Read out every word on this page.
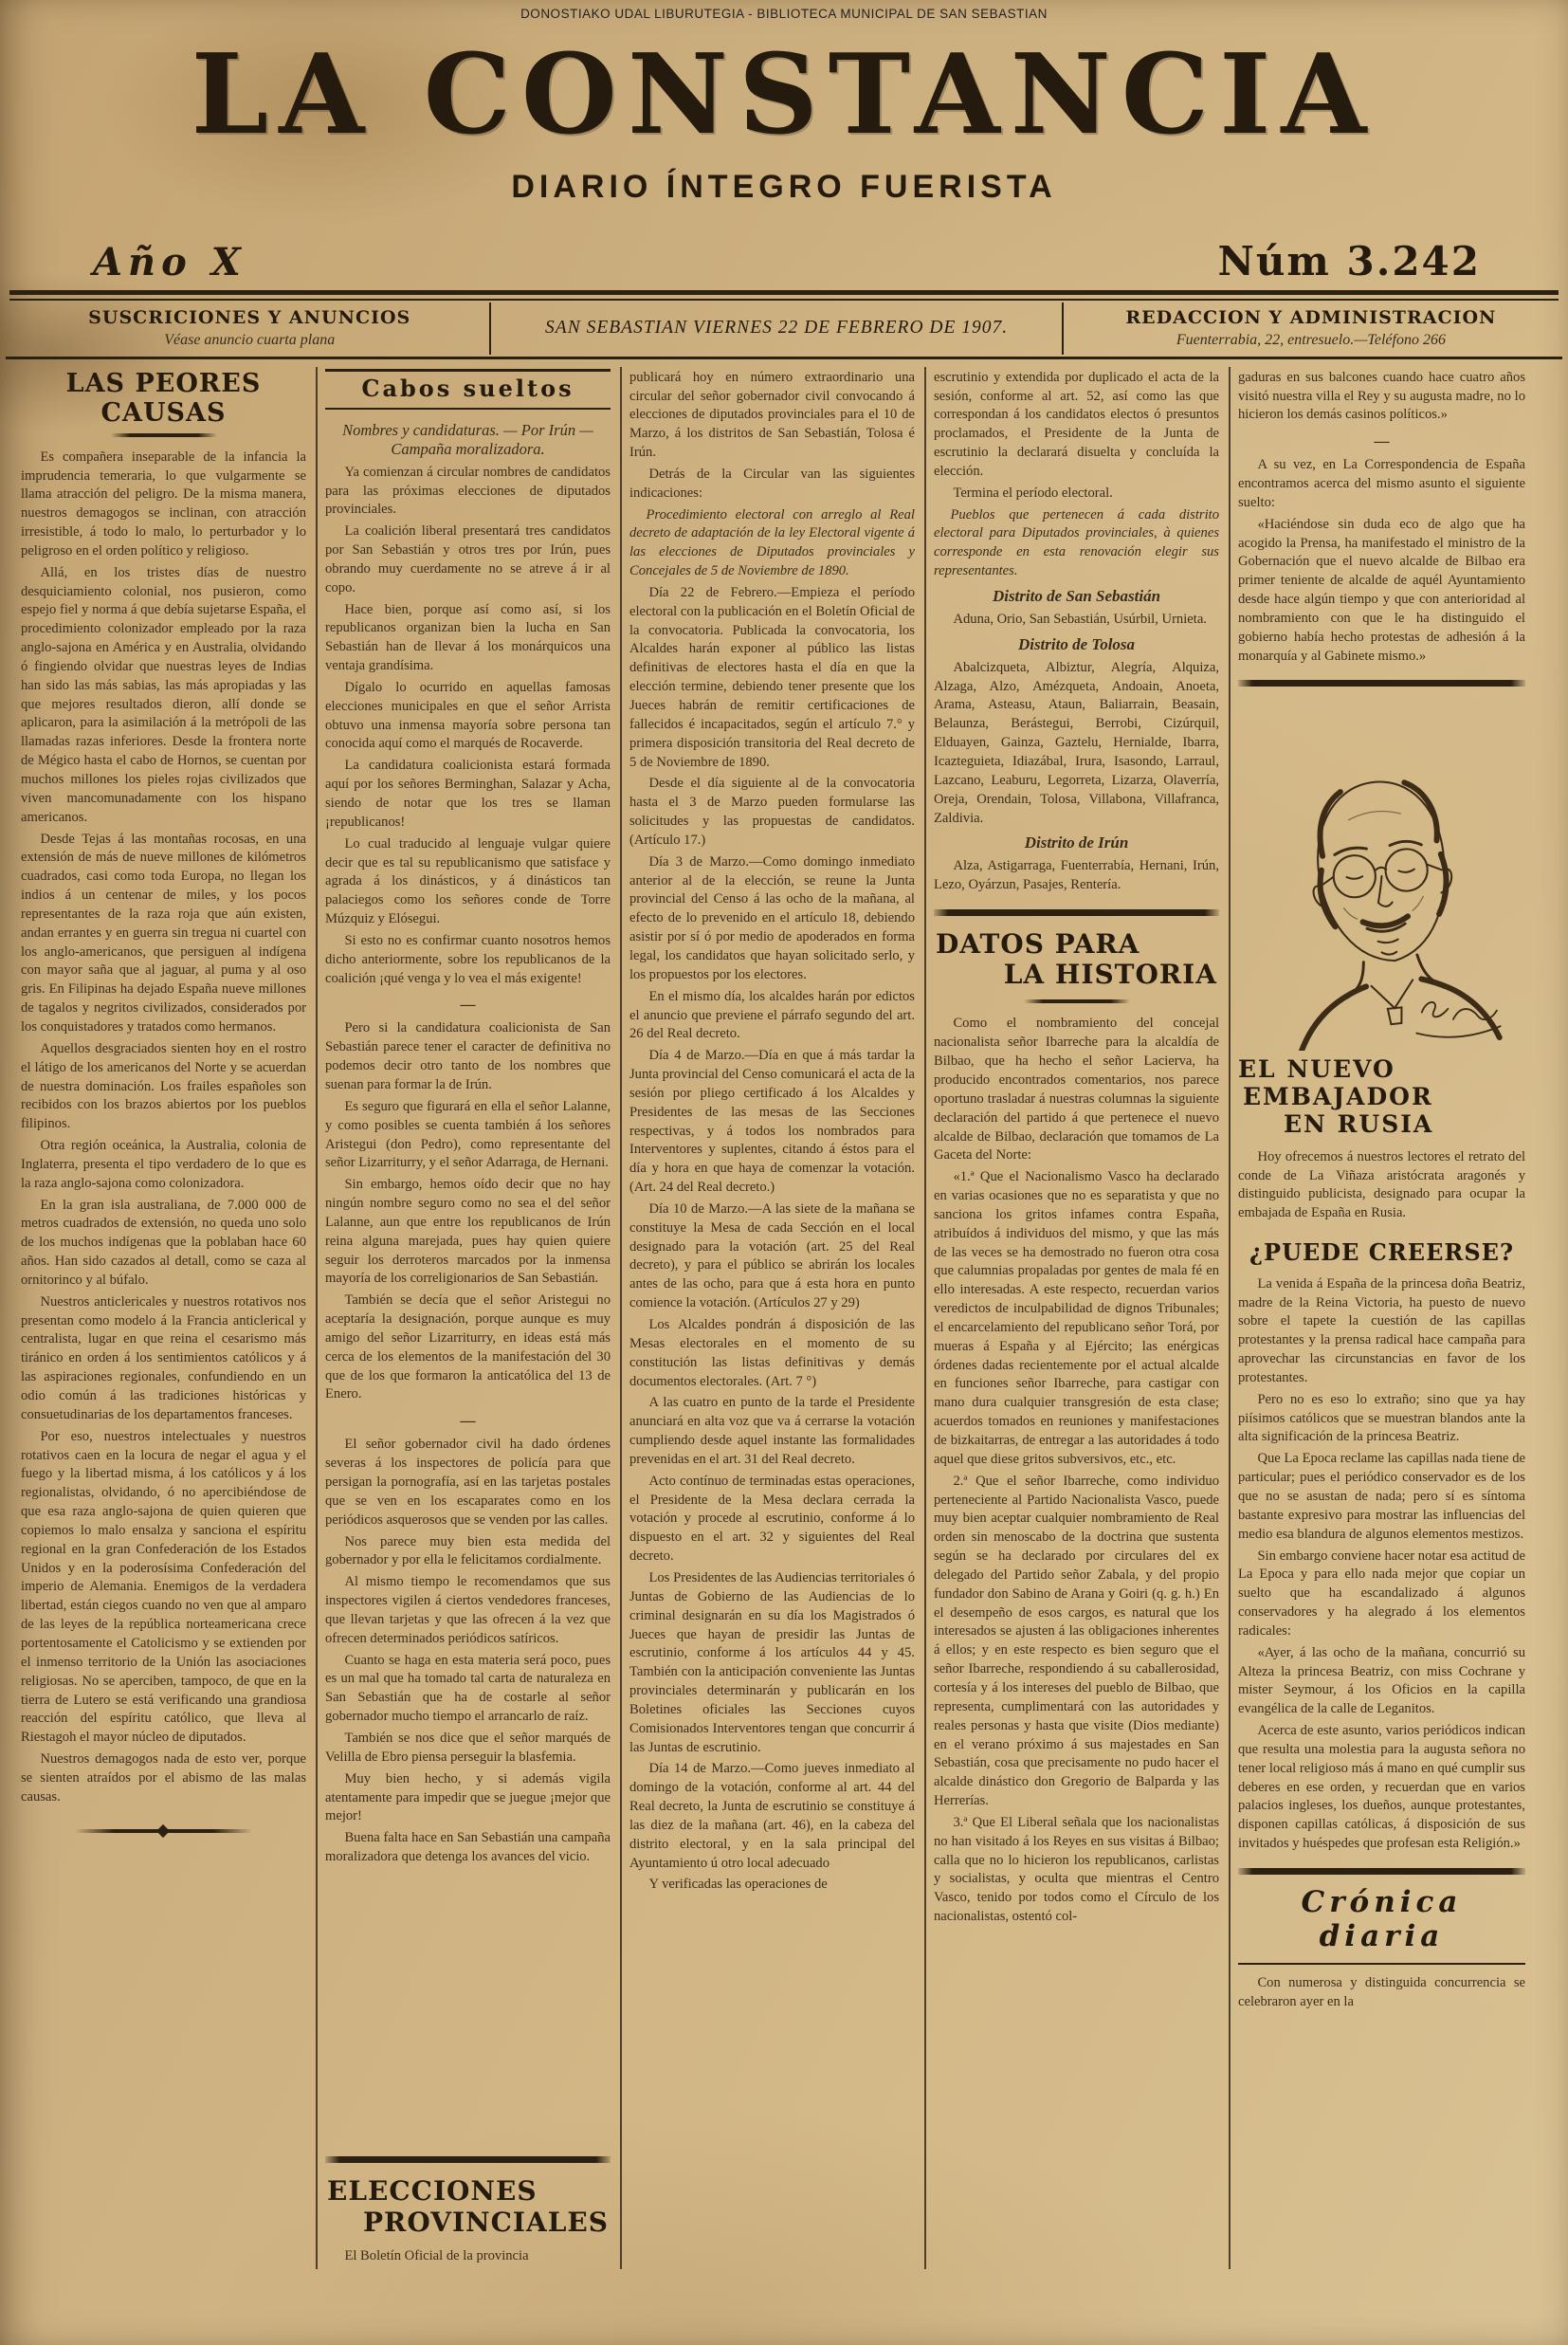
DONOSTIAKO UDAL LIBURUTEGIA - BIBLIOTECA MUNICIPAL DE SAN SEBASTIAN
LA CONSTANCIA
DIARIO ÍNTEGRO FUERISTA
Año X	Núm 3.242
SUSCRICIONES Y ANUNCIOS
Véase anuncio cuarta plana
SAN SEBASTIAN VIERNES 22 DE FEBRERO DE 1907.	REDACCION Y ADMINISTRACION
Fuenterrabia, 22, entresuelo.—Teléfono 266
LAS PEORES CAUSAS
Es compañera inseparable de la infancia la imprudencia temeraria, lo que vulgarmente se llama atracción del peligro. De la misma manera, nuestros demagogos se inclinan, con atracción irresistible, á todo lo malo, lo perturbador y lo peligroso en el orden político y religioso.
Allá, en los tristes días de nuestro desquiciamiento colonial, nos pusieron, como espejo fiel y norma á que debía sujetarse España, el procedimiento colonizador empleado por la raza anglo-sajona en América y en Australia, olvidando ó fingiendo olvidar que nuestras leyes de Indias han sido las más sabias, las más apropiadas y las que mejores resultados dieron, allí donde se aplicaron, para la asimilación á la metrópoli de las llamadas razas inferiores. Desde la frontera norte de Mégico hasta el cabo de Hornos, se cuentan por muchos millones los pieles rojas civilizados que viven mancomunadamente con los hispano americanos.
Desde Tejas á las montañas rocosas, en una extensión de más de nueve millones de kilómetros cuadrados, casi como toda Europa, no llegan los indios á un centenar de miles, y los pocos representantes de la raza roja que aún existen, andan errantes y en guerra sin tregua ni cuartel con los anglo-americanos, que persiguen al indígena con mayor saña que al jaguar, al puma y al oso gris. En Filipinas ha dejado España nueve millones de tagalos y negritos civilizados, considerados por los conquistadores y tratados como hermanos.
Aquellos desgraciados sienten hoy en el rostro el látigo de los americanos del Norte y se acuerdan de nuestra dominación. Los frailes españoles son recibidos con los brazos abiertos por los pueblos filipinos.
Otra región oceánica, la Australia, colonia de Inglaterra, presenta el tipo verdadero de lo que es la raza anglo-sajona como colonizadora.
En la gran isla australiana, de 7.000 000 de metros cuadrados de extensión, no queda uno solo de los muchos indígenas que la poblaban hace 60 años. Han sido cazados al detall, como se caza al ornitorinco y al búfalo.
Nuestros anticlericales y nuestros rotativos nos presentan como modelo á la Francia anticlerical y centralista, lugar en que reina el cesarismo más tiránico en orden á los sentimientos católicos y á las aspiraciones regionales, confundiendo en un odio común á las tradiciones históricas y consuetudinarias de los departamentos franceses.
Por eso, nuestros intelectuales y nuestros rotativos caen en la locura de negar el agua y el fuego y la libertad misma, á los católicos y á los regionalistas, olvidando, ó no apercibiéndose de que esa raza anglo-sajona de quien quieren que copiemos lo malo ensalza y sanciona el espíritu regional en la gran Confederación de los Estados Unidos y en la poderosísima Confederación del imperio de Alemania. Enemigos de la verdadera libertad, están ciegos cuando no ven que al amparo de las leyes de la república norteamericana crece portentosamente el Catolicismo y se extienden por el inmenso territorio de la Unión las asociaciones religiosas. No se aperciben, tampoco, de que en la tierra de Lutero se está verificando una grandiosa reacción del espíritu católico, que lleva al Riestagoh el mayor núcleo de diputados.
Nuestros demagogos nada de esto ver, porque se sienten atraídos por el abismo de las malas causas.
Cabos sueltos
Nombres y candidaturas. — Por Irún —Campaña moralizadora.
Ya comienzan á circular nombres de candidatos para las próximas elecciones de diputados provinciales.
La coalición liberal presentará tres candidatos por San Sebastián y otros tres por Irún, pues obrando muy cuerdamente no se atreve á ir al copo.
Hace bien, porque así como así, si los republicanos organizan bien la lucha en San Sebastián han de llevar á los monárquicos una ventaja grandísima.
Dígalo lo ocurrido en aquellas famosas elecciones municipales en que el señor Arrista obtuvo una inmensa mayoría sobre persona tan conocida aquí como el marqués de Rocaverde.
La candidatura coalicionista estará formada aquí por los señores Berminghan, Salazar y Acha, siendo de notar que los tres se llaman ¡republicanos!
Lo cual traducido al lenguaje vulgar quiere decir que es tal su republicanismo que satisface y agrada á los dinásticos, y á dinásticos tan palaciegos como los señores conde de Torre Múzquiz y Elósegui.
Si esto no es confirmar cuanto nosotros hemos dicho anteriormente, sobre los republicanos de la coalición ¡qué venga y lo vea el más exigente!
—
Pero si la candidatura coalicionista de San Sebastián parece tener el caracter de definitiva no podemos decir otro tanto de los nombres que suenan para formar la de Irún.
Es seguro que figurará en ella el señor Lalanne, y como posibles se cuenta también á los señores Aristegui (don Pedro), como representante del señor Lizarriturry, y el señor Adarraga, de Hernani.
Sin embargo, hemos oído decir que no hay ningún nombre seguro como no sea el del señor Lalanne, aun que entre los republicanos de Irún reina alguna marejada, pues hay quien quiere seguir los derroteros marcados por la inmensa mayoría de los correligionarios de San Sebastián.
También se decía que el señor Aristegui no aceptaría la designación, porque aunque es muy amigo del señor Lizarriturry, en ideas está más cerca de los elementos de la manifestación del 30 que de los que formaron la anticatólica del 13 de Enero.
—
El señor gobernador civil ha dado órdenes severas á los inspectores de policía para que persigan la pornografía, así en las tarjetas postales que se ven en los escaparates como en los periódicos asquerosos que se venden por las calles.
Nos parece muy bien esta medida del gobernador y por ella le felicitamos cordialmente.
Al mismo tiempo le recomendamos que sus inspectores vigilen á ciertos vendedores franceses, que llevan tarjetas y que las ofrecen á la vez que ofrecen determinados periódicos satíricos.
Cuanto se haga en esta materia será poco, pues es un mal que ha tomado tal carta de naturaleza en San Sebastián que ha de costarle al señor gobernador mucho tiempo el arrancarlo de raíz.
También se nos dice que el señor marqués de Velilla de Ebro piensa perseguir la blasfemia.
Muy bien hecho, y si además vigila atentamente para impedir que se juegue ¡mejor que mejor!
Buena falta hace en San Sebastián una campaña moralizadora que detenga los avances del vicio.
ELECCIONES
PROVINCIALES
El Boletín Oficial de la provincia
publicará hoy en número extraordinario una circular del señor gobernador civil convocando á elecciones de diputados provinciales para el 10 de Marzo, á los distritos de San Sebastián, Tolosa é Irún.
Detrás de la Circular van las siguientes indicaciones:
Procedimiento electoral con arreglo al Real decreto de adaptación de la ley Electoral vigente á las elecciones de Diputados provinciales y Concejales de 5 de Noviembre de 1890.
Día 22 de Febrero.—Empieza el período electoral con la publicación en el Boletín Oficial de la convocatoria. Publicada la convocatoria, los Alcaldes harán exponer al público las listas definitivas de electores hasta el día en que la elección termine, debiendo tener presente que los Jueces habrán de remitir certificaciones de fallecidos é incapacitados, según el artículo 7.° y primera disposición transitoria del Real decreto de 5 de Noviembre de 1890.
Desde el día siguiente al de la convocatoria hasta el 3 de Marzo pueden formularse las solicitudes y las propuestas de candidatos. (Artículo 17.)
Día 3 de Marzo.—Como domingo inmediato anterior al de la elección, se reune la Junta provincial del Censo á las ocho de la mañana, al efecto de lo prevenido en el artículo 18, debiendo asistir por sí ó por medio de apoderados en forma legal, los candidatos que hayan solicitado serlo, y los propuestos por los electores.
En el mismo día, los alcaldes harán por edictos el anuncio que previene el párrafo segundo del art. 26 del Real decreto.
Día 4 de Marzo.—Día en que á más tardar la Junta provincial del Censo comunicará el acta de la sesión por pliego certificado á los Alcaldes y Presidentes de las mesas de las Secciones respectivas, y á todos los nombrados para Interventores y suplentes, citando á éstos para el día y hora en que haya de comenzar la votación. (Art. 24 del Real decreto.)
Día 10 de Marzo.—A las siete de la mañana se constituye la Mesa de cada Sección en el local designado para la votación (art. 25 del Real decreto), y para el público se abrirán los locales antes de las ocho, para que á esta hora en punto comience la votación. (Artículos 27 y 29)
Los Alcaldes pondrán á disposición de las Mesas electorales en el momento de su constitución las listas definitivas y demás documentos electorales. (Art. 7 °)
A las cuatro en punto de la tarde el Presidente anunciará en alta voz que va á cerrarse la votación cumpliendo desde aquel instante las formalidades prevenidas en el art. 31 del Real decreto.
Acto contínuo de terminadas estas operaciones, el Presidente de la Mesa declara cerrada la votación y procede al escrutinio, conforme á lo dispuesto en el art. 32 y siguientes del Real decreto.
Los Presidentes de las Audiencias territoriales ó Juntas de Gobierno de las Audiencias de lo criminal designarán en su día los Magistrados ó Jueces que hayan de presidir las Juntas de escrutinio, conforme á los artículos 44 y 45. También con la anticipación conveniente las Juntas provinciales determinarán y publicarán en los Boletines oficiales las Secciones cuyos Comisionados Interventores tengan que concurrir á las Juntas de escrutinio.
Día 14 de Marzo.—Como jueves inmediato al domingo de la votación, conforme al art. 44 del Real decreto, la Junta de escrutinio se constituye á las diez de la mañana (art. 46), en la cabeza del distrito electoral, y en la sala principal del Ayuntamiento ú otro local adecuado
Y verificadas las operaciones de
escrutinio y extendida por duplicado el acta de la sesión, conforme al art. 52, así como las que correspondan á los candidatos electos ó presuntos proclamados, el Presidente de la Junta de escrutinio la declarará disuelta y concluída la elección.
Termina el período electoral.
Pueblos que pertenecen á cada distrito electoral para Diputados provinciales, à quienes corresponde en esta renovación elegir sus representantes.
Distrito de San Sebastián
Aduna, Orio, San Sebastián, Usúrbil, Urnieta.
Distrito de Tolosa
Abalcizqueta, Albiztur, Alegría, Alquiza, Alzaga, Alzo, Amézqueta, Andoain, Anoeta, Arama, Asteasu, Ataun, Baliarrain, Beasain, Belaunza, Berástegui, Berrobi, Cizúrquil, Elduayen, Gainza, Gaztelu, Hernialde, Ibarra, Icazteguieta, Idiazábal, Irura, Isasondo, Larraul, Lazcano, Leaburu, Legorreta, Lizarza, Olaverría, Oreja, Orendain, Tolosa, Villabona, Villafranca, Zaldivia.
Distrito de Irún
Alza, Astigarraga, Fuenterrabía, Hernani, Irún, Lezo, Oyárzun, Pasajes, Rentería.
DATOS PARA
LA HISTORIA
Como el nombramiento del concejal nacionalista señor Ibarreche para la alcaldía de Bilbao, que ha hecho el señor Lacierva, ha producido encontrados comentarios, nos parece oportuno trasladar á nuestras columnas la siguiente declaración del partido á que pertenece el nuevo alcalde de Bilbao, declaración que tomamos de La Gaceta del Norte:
«1.ª Que el Nacionalismo Vasco ha declarado en varias ocasiones que no es separatista y que no sanciona los gritos infames contra España, atribuídos á individuos del mismo, y que las más de las veces se ha demostrado no fueron otra cosa que calumnias propaladas por gentes de mala fé en ello interesadas. A este respecto, recuerdan varios veredictos de inculpabilidad de dignos Tribunales; el encarcelamiento del republicano señor Torá, por mueras á España y al Ejército; las enérgicas órdenes dadas recientemente por el actual alcalde en funciones señor Ibarreche, para castigar con mano dura cualquier transgresión de esta clase; acuerdos tomados en reuniones y manifestaciones de bizkaitarras, de entregar a las autoridades á todo aquel que diese gritos subversivos, etc., etc.
2.ª Que el señor Ibarreche, como individuo perteneciente al Partido Nacionalista Vasco, puede muy bien aceptar cualquier nombramiento de Real orden sin menoscabo de la doctrina que sustenta según se ha declarado por circulares del ex delegado del Partido señor Zabala, y del propio fundador don Sabino de Arana y Goiri (q. g. h.) En el desempeño de esos cargos, es natural que los interesados se ajusten á las obligaciones inherentes á ellos; y en este respecto es bien seguro que el señor Ibarreche, respondiendo á su caballerosidad, cortesía y á los intereses del pueblo de Bilbao, que representa, cumplimentará con las autoridades y reales personas y hasta que visite (Dios mediante) en el verano próximo á sus majestades en San Sebastián, cosa que precisamente no pudo hacer el alcalde dinástico don Gregorio de Balparda y las Herrerías.
3.ª Que El Liberal señala que los nacionalistas no han visitado á los Reyes en sus visitas á Bilbao; calla que no lo hicieron los republicanos, carlistas y socialistas, y oculta que mientras el Centro Vasco, tenido por todos como el Círculo de los nacionalistas, ostentó col-
gaduras en sus balcones cuando hace cuatro años visitó nuestra villa el Rey y su augusta madre, no lo hicieron los demás casinos políticos.»
—
A su vez, en La Correspondencia de España encontramos acerca del mismo asunto el siguiente suelto:
«Haciéndose sin duda eco de algo que ha acogido la Prensa, ha manifestado el ministro de la Gobernación que el nuevo alcalde de Bilbao era primer teniente de alcalde de aquél Ayuntamiento desde hace algún tiempo y que con anterioridad al nombramiento con que le ha distinguido el gobierno había hecho protestas de adhesión á la monarquía y al Gabinete mismo.»
EL NUEVO
EMBAJADOR
EN RUSIA
Hoy ofrecemos á nuestros lectores el retrato del conde de La Viñaza aristócrata aragonés y distinguido publicista, designado para ocupar la embajada de España en Rusia.
¿PUEDE CREERSE?
La venida á España de la princesa doña Beatriz, madre de la Reina Victoria, ha puesto de nuevo sobre el tapete la cuestión de las capillas protestantes y la prensa radical hace campaña para aprovechar las circunstancias en favor de los protestantes.
Pero no es eso lo extraño; sino que ya hay piísimos católicos que se muestran blandos ante la alta significación de la princesa Beatriz.
Que La Epoca reclame las capillas nada tiene de particular; pues el periódico conservador es de los que no se asustan de nada; pero sí es síntoma bastante expresivo para mostrar las influencias del medio esa blandura de algunos elementos mestizos.
Sin embargo conviene hacer notar esa actitud de La Epoca y para ello nada mejor que copiar un suelto que ha escandalizado á algunos conservadores y ha alegrado á los elementos radicales:
«Ayer, á las ocho de la mañana, concurrió su Alteza la princesa Beatriz, con miss Cochrane y mister Seymour, á los Oficios en la capilla evangélica de la calle de Leganitos.
Acerca de este asunto, varios periódicos indican que resulta una molestia para la augusta señora no tener local religioso más á mano en qué cumplir sus deberes en ese orden, y recuerdan que en varios palacios ingleses, los dueños, aunque protestantes, disponen capillas católicas, á disposición de sus invitados y huéspedes que profesan esta Religión.»
Crónica diaria
Con numerosa y distinguida concurrencia se celebraron ayer en la
